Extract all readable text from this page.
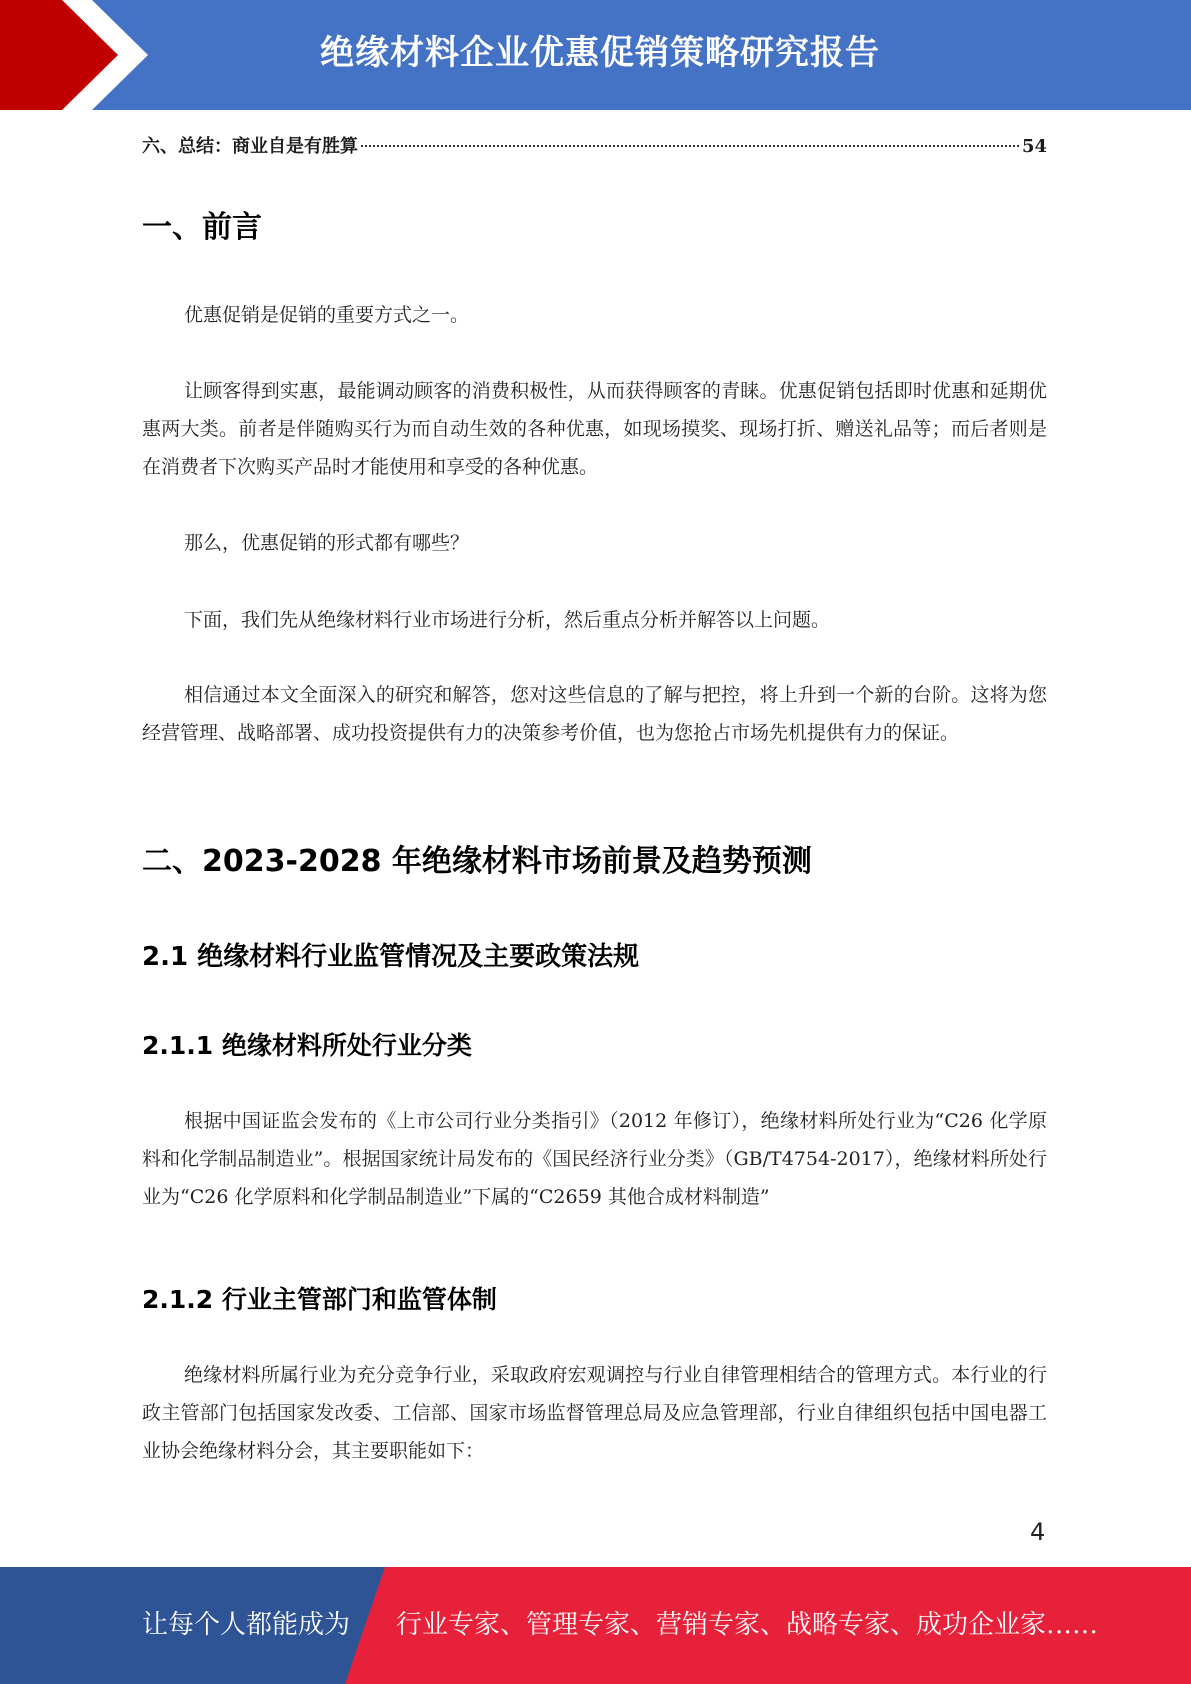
绝缘材料企业优惠促销策略研究报告
六、总结：商业自是有胜算	54
一、前言

优惠促销是促销的重要方式之一。

让顾客得到实惠，最能调动顾客的消费积极性，从而获得顾客的青睐。优惠促销包括即时优惠和延期优惠两大类。前者是伴随购买行为而自动生效的各种优惠，如现场摸奖、现场打折、赠送礼品等；而后者则是在消费者下次购买产品时才能使用和享受的各种优惠。

那么，优惠促销的形式都有哪些？

下面，我们先从绝缘材料行业市场进行分析，然后重点分析并解答以上问题。

相信通过本文全面深入的研究和解答，您对这些信息的了解与把控，将上升到一个新的台阶。这将为您经营管理、战略部署、成功投资提供有力的决策参考价值，也为您抢占市场先机提供有力的保证。

二、2023-2028 年绝缘材料市场前景及趋势预测
2.1 绝缘材料行业监管情况及主要政策法规
2.1.1 绝缘材料所处行业分类

根据中国证监会发布的《上市公司行业分类指引》（2012 年修订），绝缘材料所处行业为“C26 化学原料和化学制品制造业”。根据国家统计局发布的《国民经济行业分类》（GB/T4754-2017），绝缘材料所处行业为“C26 化学原料和化学制品制造业”下属的“C2659 其他合成材料制造”

2.1.2 行业主管部门和监管体制

绝缘材料所属行业为充分竞争行业，采取政府宏观调控与行业自律管理相结合的管理方式。本行业的行政主管部门包括国家发改委、工信部、国家市场监督管理总局及应急管理部，行业自律组织包括中国电器工业协会绝缘材料分会，其主要职能如下：

4
让每个人都能成为 行业专家、管理专家、营销专家、战略专家、成功企业家……
